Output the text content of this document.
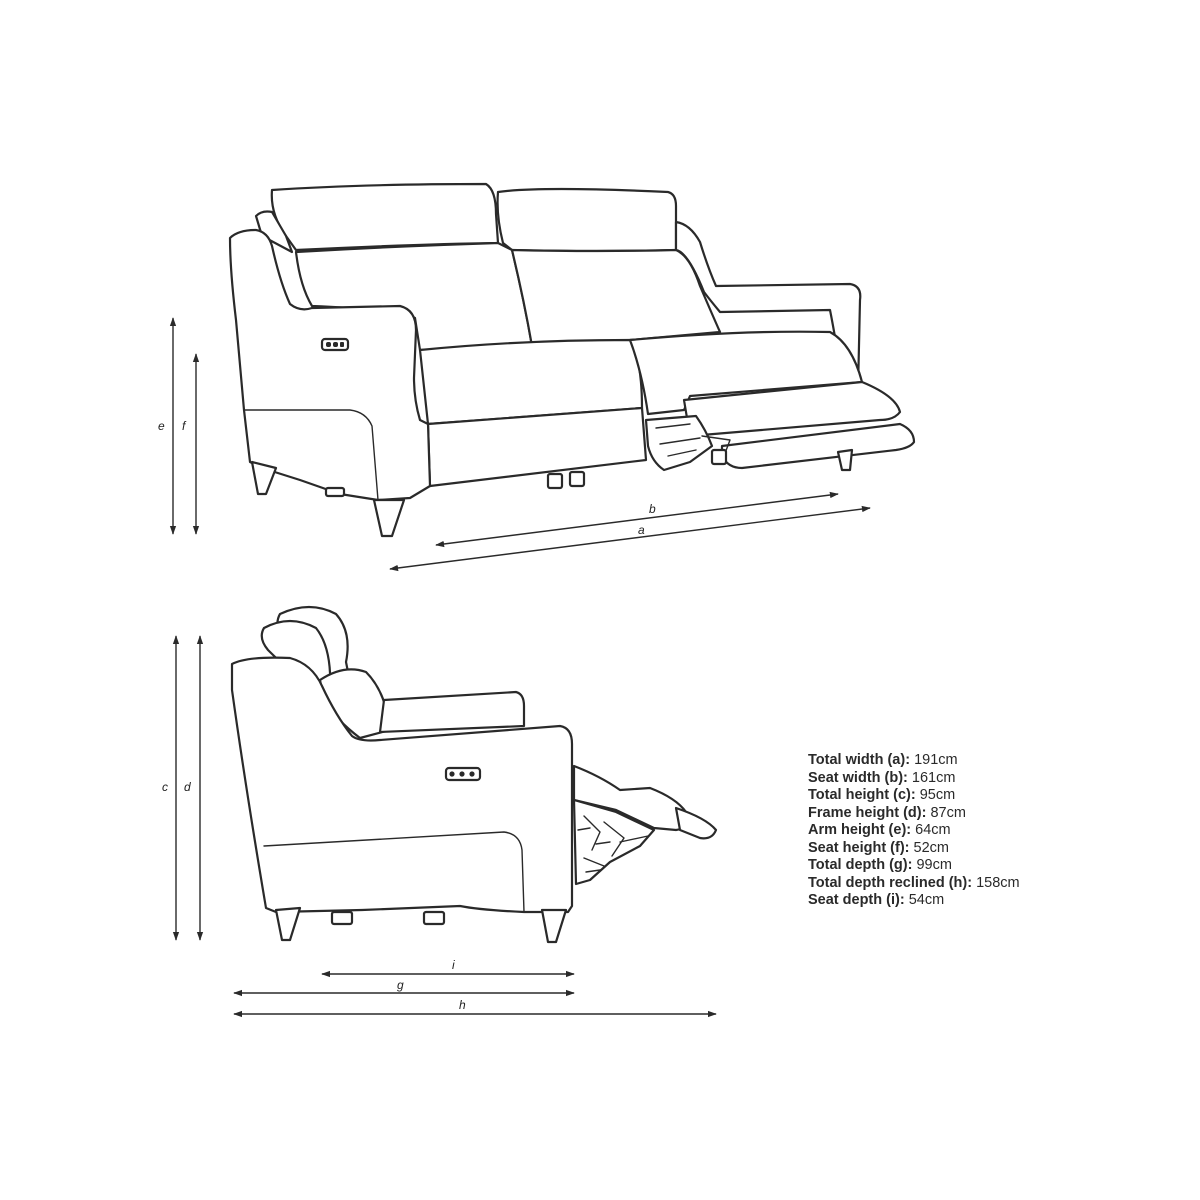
e f
b
a
c d
i
g
h
Total width (a): 191cm
Seat width (b): 161cm
Total height (c): 95cm
Frame height (d): 87cm
Arm height (e): 64cm
Seat height (f): 52cm
Total depth (g): 99cm
Total depth reclined (h): 158cm
Seat depth (i): 54cm
